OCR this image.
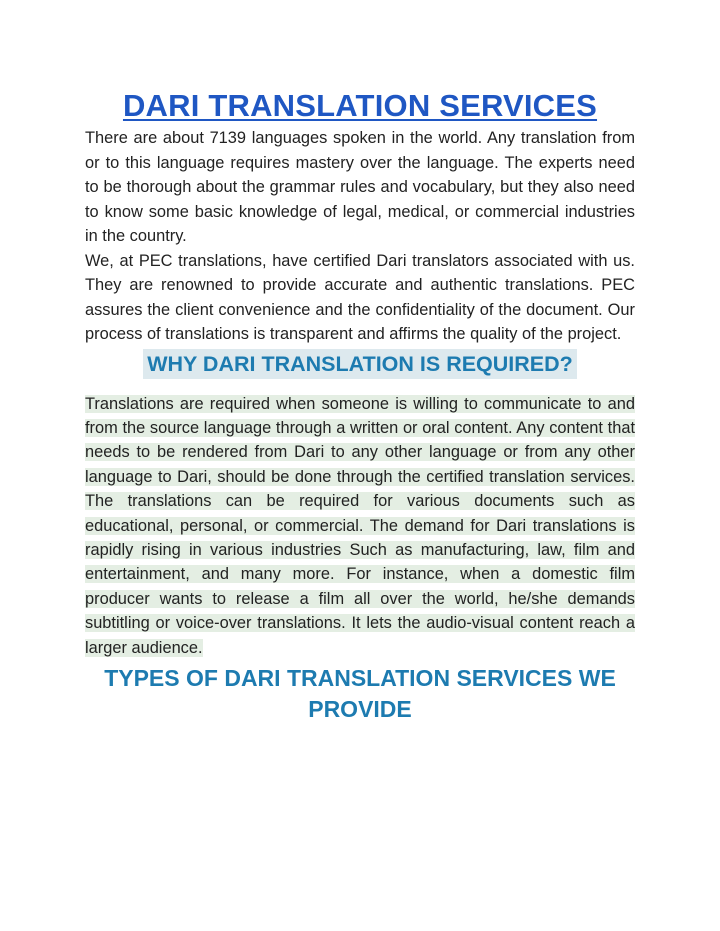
DARI TRANSLATION SERVICES

There are about 7139 languages spoken in the world. Any translation from or to this language requires mastery over the language. The experts need to be thorough about the grammar rules and vocabulary, but they also need to know some basic knowledge of legal, medical, or commercial industries in the country.

We, at PEC translations, have certified Dari translators associated with us. They are renowned to provide accurate and authentic translations. PEC assures the client convenience and the confidentiality of the document. Our process of translations is transparent and affirms the quality of the project.

WHY DARI TRANSLATION IS REQUIRED?

Translations are required when someone is willing to communicate to and from the source language through a written or oral content. Any content that needs to be rendered from Dari to any other language or from any other language to Dari, should be done through the certified translation services. The translations can be required for various documents such as educational, personal, or commercial. The demand for Dari translations is rapidly rising in various industries Such as manufacturing, law, film and entertainment, and many more. For instance, when a domestic film producer wants to release a film all over the world, he/she demands subtitling or voice-over translations. It lets the audio-visual content reach a larger audience.

TYPES OF DARI TRANSLATION SERVICES WE PROVIDE
